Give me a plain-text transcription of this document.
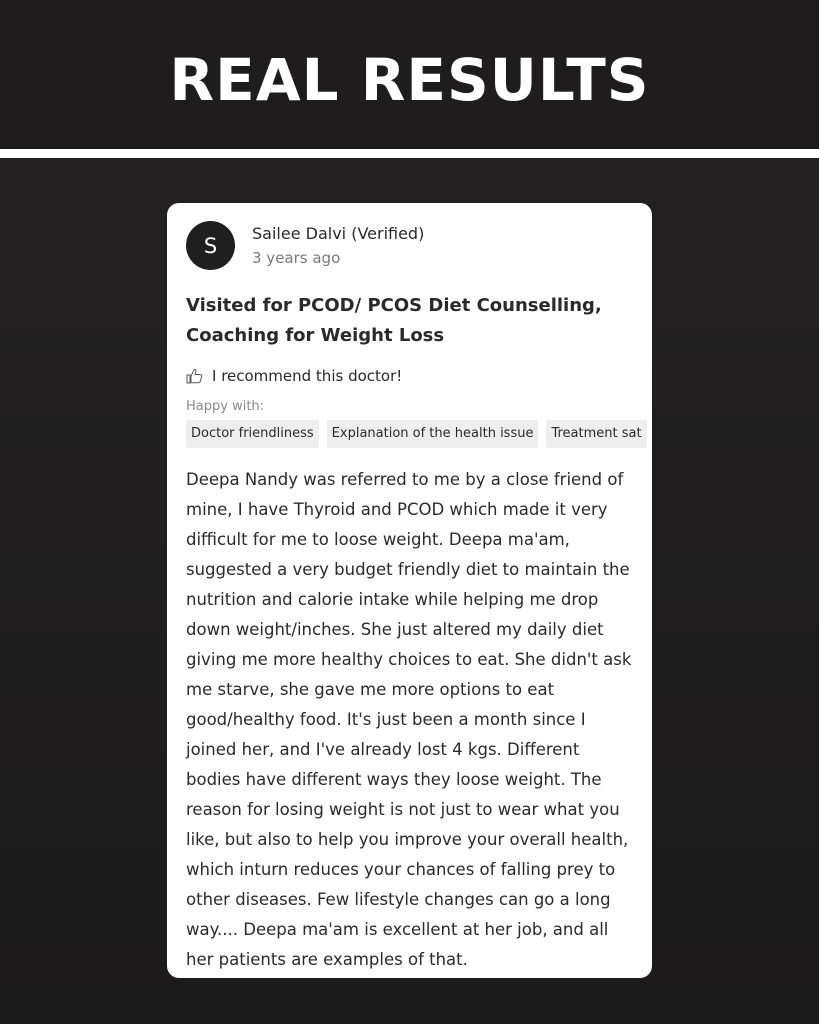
REAL RESULTS
S	Sailee Dalvi (Verified)
3 years ago
Visited for PCOD/ PCOS Diet Counselling, Coaching for Weight Loss
I recommend this doctor!
Happy with:
Doctor friendliness	Explanation of the health issue	Treatment sat
Deepa Nandy was referred to me by a close friend of mine, I have Thyroid and PCOD which made it very difficult for me to loose weight. Deepa ma'am, suggested a very budget friendly diet to maintain the nutrition and calorie intake while helping me drop down weight/inches. She just altered my daily diet giving me more healthy choices to eat. She didn't ask me starve, she gave me more options to eat good/healthy food. It's just been a month since I joined her, and I've already lost 4 kgs. Different bodies have different ways they loose weight. The reason for losing weight is not just to wear what you like, but also to help you improve your overall health, which inturn reduces your chances of falling prey to other diseases. Few lifestyle changes can go a long way.... Deepa ma'am is excellent at her job, and all her patients are examples of that.
